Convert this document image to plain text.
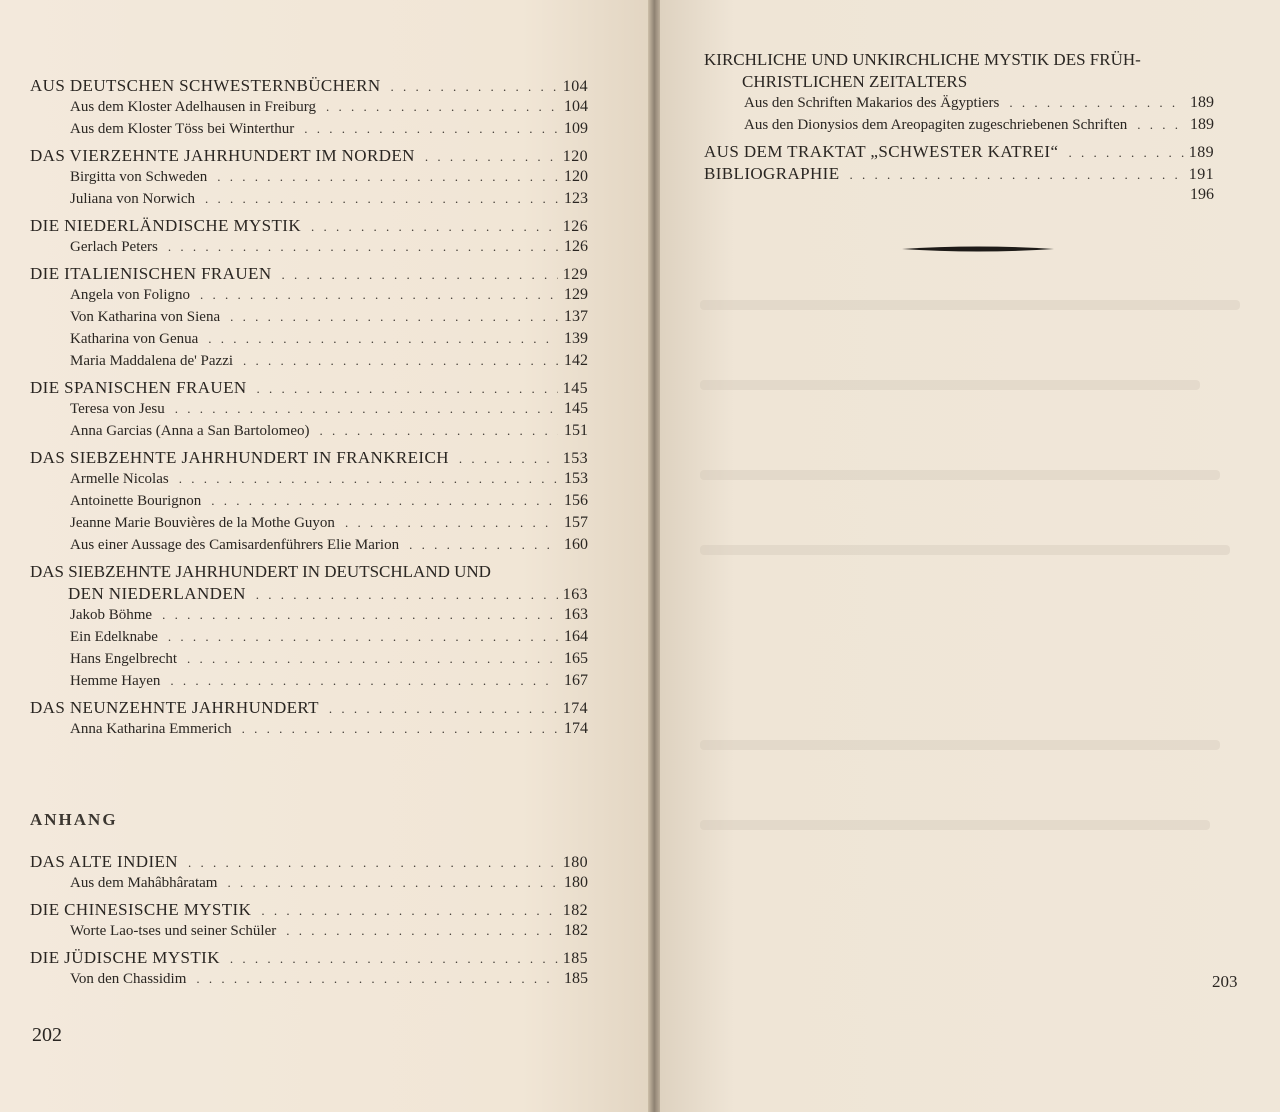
AUS DEUTSCHEN SCHWESTERNBÜCHERN . . .	104
Aus dem Kloster Adelhausen in Freiburg . . .	104
Aus dem Kloster Töss bei Winterthur . . .	109
DAS VIERZEHNTE JAHRHUNDERT IM NORDEN . . .	120
Birgitta von Schweden . . .	120
Juliana von Norwich . . .	123
DIE NIEDERLÄNDISCHE MYSTIK . . .	126
Gerlach Peters . . .	126
DIE ITALIENISCHEN FRAUEN . . .	129
Angela von Foligno . . .	129
Von Katharina von Siena . . .	137
Katharina von Genua . . .	139
Maria Maddalena de' Pazzi . . .	142
DIE SPANISCHEN FRAUEN . . .	145
Teresa von Jesu . . .	145
Anna Garcias (Anna a San Bartolomeo) . . .	151
DAS SIEBZEHNTE JAHRHUNDERT IN FRANKREICH . . .	153
Armelle Nicolas . . .	153
Antoinette Bourignon . . .	156
Jeanne Marie Bouvières de la Mothe Guyon . . .	157
Aus einer Aussage des Camisardenführers Elie Marion . . .	160
DAS SIEBZEHNTE JAHRHUNDERT IN DEUTSCHLAND UND
DEN NIEDERLANDEN . . .	163
Jakob Böhme . . .	163
Ein Edelknabe . . .	164
Hans Engelbrecht . . .	165
Hemme Hayen . . .	167
DAS NEUNZEHNTE JAHRHUNDERT . . .	174
Anna Katharina Emmerich . . .	174
ANHANG
DAS ALTE INDIEN . . .	180
Aus dem Mahâbhâratam . . .	180
DIE CHINESISCHE MYSTIK . . .	182
Worte Lao-tses und seiner Schüler . . .	182
DIE JÜDISCHE MYSTIK . . .	185
Von den Chassidim . . .	185
202
KIRCHLICHE UND UNKIRCHLICHE MYSTIK DES FRÜH-
CHRISTLICHEN ZEITALTERS
Aus den Schriften Makarios des Ägyptiers . . .	189
Aus den Dionysios dem Areopagiten zugeschriebenen Schriften . . .	189
AUS DEM TRAKTAT „SCHWESTER KATREI“ . . .	189
BIBLIOGRAPHIE . . .	191
196
203
